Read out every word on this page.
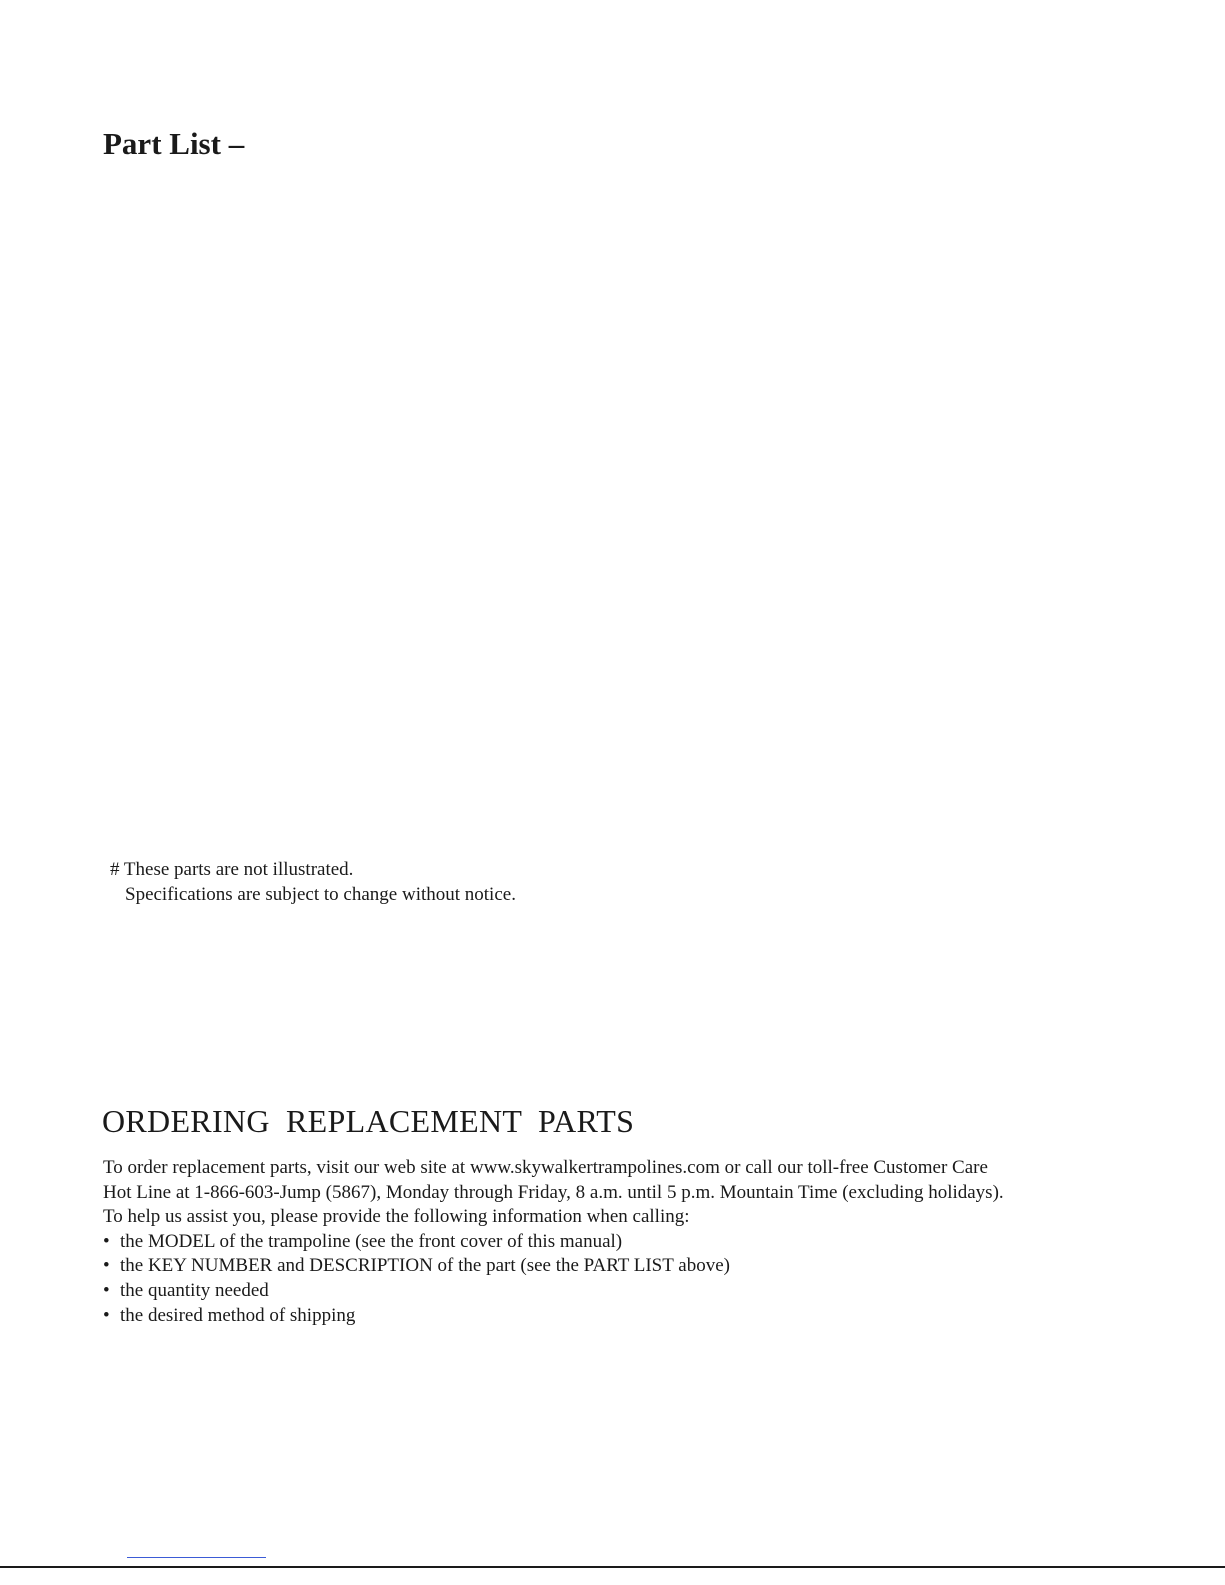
Part List –
# These parts are not illustrated.
Specifications are subject to change without notice.
ORDERING REPLACEMENT PARTS
To order replacement parts, visit our web site at www.skywalkertrampolines.com or call our toll-free Customer Care
Hot Line at 1-866-603-Jump (5867), Monday through Friday, 8 a.m. until 5 p.m. Mountain Time (excluding holidays).
To help us assist you, please provide the following information when calling:
• the MODEL of the trampoline (see the front cover of this manual)
• the KEY NUMBER and DESCRIPTION of the part (see the PART LIST above)
• the quantity needed
• the desired method of shipping
